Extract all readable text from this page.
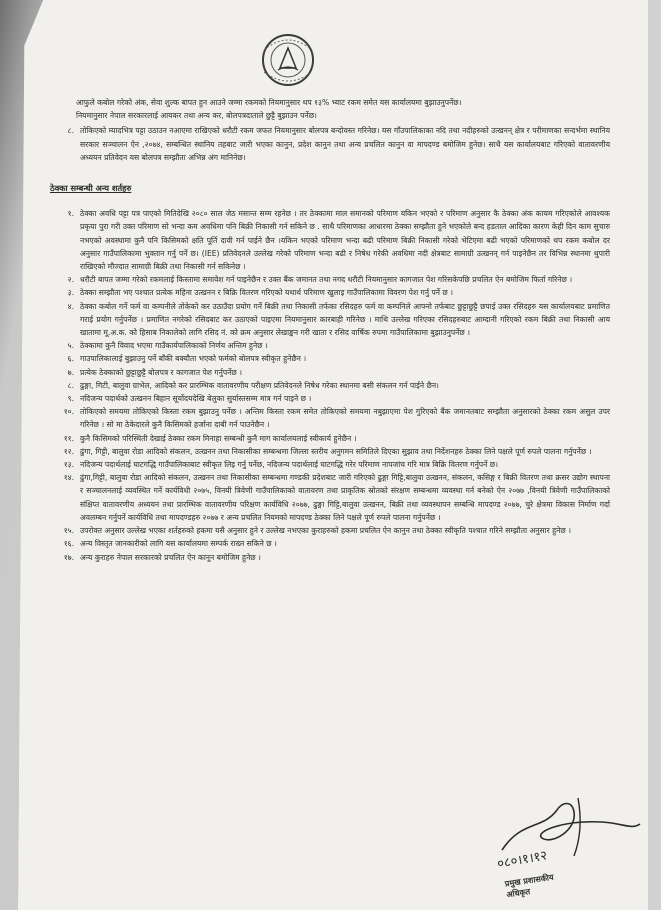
आफुले कबोल गरेको अंक, सेवा शुल्क बापत हुन आउने जम्मा रकमको नियमानुसार थप १३% भ्याट रकम समेत यस कार्यालयमा बुझाउनुपर्नेछ।

नियमानुसार नेपाल सरकारलाई आयकर तथा अन्य कर, बोलपत्रदाताले छुट्टै बुझाउन पर्नेछ।

८. तोकिएको म्यादभित्र पट्टा उठाउन नआएमा राखिएको धरौटी रकम जफत नियमानुसार बोलपत्र बन्दोवस्त गरिनेछ। यस गाँउपालिकाका नदि तथा नदीहरुको उत्खनन् क्षेत्र र परीमाणका सन्दर्भमा स्थानिय सरकार सञ्चालन ऐन ,२०७४, सम्बन्धित स्थानिय तहबाट जारी भएका कानुन, प्रदेश कानुन तथा अन्य प्रचलित कानुन वा मापदण्ड बमोजिम हुनेछ। साथै यस कार्यालयबाट गरिएको वातावरणीय अध्ययन प्रतिवेदन यस बोलपत्र सम्झौता अभिन्न अंग मानिनेछ।
ठेक्का सम्बन्धी अन्य शर्तहरु
१. ठेक्का अवधि पट्टा पत्र पाएको मितिदेखि २०८० साल जेठ मसान्त सम्म रहनेछ । तर ठेक्कामा माल समानको परिमाण यकिन भएको र परिमाण अनुसार कै ठेक्का अंक कायम गरिएकोले आवश्यक प्रकृया पुरा गरी उक्त परिमाण सो भन्दा कम अवधिमा पनि बिक्री निकासी गर्न सकिने छ . साथै परिमाणका आधारमा ठेक्का सम्झौता हुने भएकोले बन्द हडताल आदिका कारण केही दिन काम सुचारु नभएको अवस्थामा कुनै पनि किसिमको क्षति पूर्ति दावी गर्न पाईने छैन ।यकिन भएको परिमाण भन्दा बढी परिमाण बिक्री निकासी गरेको भेटिएमा बढी भएको परिमाणको थप रकम कबोल दर अनुसार गाउँपालिकामा भुक्तान गर्नु पर्ने छ। (IEE) प्रतिवेदनले उल्लेख गरेको परिमाण भन्दा बढी र निषेध गरेकी अवधिमा नदी क्षेत्रबाट सामाग्री उत्खनन् गर्न पाइनेछैन तर विभिन्न स्थानमा थुपारी राखिएको मौज्दात सामाग्री बिक्री तथा निकासी गर्न सकिनेछ ।
२. धरौटी बापत जम्मा गरेको रकमलाई किस्तामा समावेश गर्न पाइनेछैन र उक्त बैंक जमानत तथा नगद धरौटी नियमानुसार कागजात पेश गरिसकेपछि प्रचलित ऐन बमोजिम फिर्ता गरिनेछ ।
३. ठेक्का सम्झौता भए पश्चात प्रत्येक महिना उत्खनन र बिक्रि वितरण गरिएको यथार्थ परिमाण खुलाइ गाउँपालिकामा विवरण पेश गर्नु पर्ने छ ।
४. ठेक्का कबोल गर्ने फर्म वा कम्पनीले तोकेको कर उठाउँदा प्रयोग गर्ने बिक्री तथा निकासी तर्फका रसिदहरु फर्म वा कम्पनिले आफ्नो तर्फबाट छुट्टाछुट्टै छपाई उक्त रसिदहरु यस कार्यालयबाट प्रमाणित गराई प्रयोग गर्नुपर्नेछ । प्रमाणित नगरेको रसिदबाट कर उठाएको पाइएमा नियमानुसार कारबाही गरिनेछ । माथि उल्लेख गरिएका रसिदहरुबाट आम्दानी गरिएको रकम बिक्री तथा निकासी आय खातामा मू.अ.क. को हिसाब निकालेको लागि रसिद नं. को क्रम अनुसार लेखाङ्कन गरी खाता र रसिद वार्षिक रुपमा गाउँपालिकामा बुझाउनुपर्नेछ ।
५. ठेक्कामा कुनै विवाद भएमा गाउँकार्यपालिकाको निर्णय अन्तिम हुनेछ ।
६. गाउपालिकालाई बुझाउनु पर्ने बाँकी बक्यौता भएको फर्मको बोलपत्र स्वीकृत हुनेछैन ।
७. प्रत्येक ठेक्काको छुट्टाछुट्टै बोलपत्र र कागजात पेश गर्नुपर्नेछ ।
८. ढुङ्गा, गिटी, बालुवा ग्राभेल, आदिको कर प्रारम्भिक वातावरणीय परीक्षण प्रतिवेदनले निषेध गरेका स्थानमा बसी संकलन गर्न पाईने छैन।
९. नदिजन्य पदार्थको उत्खनन बिहान सूर्योदयदेखि बेलुका सुर्यास्तसम्म मात्र गर्न पाइने छ ।
१०. तोकिएको समयमा तोकिएको किस्ता रकम बुझाउनु पर्नेछ । अन्तिम किस्ता रकम समेत तोकिएको समयमा नबुझाएमा पेश गुरिएको बैंक जमानतबाट सम्झौता अनुसारको ठेक्का रकम असुल उपर गरिनेछ । सो मा ठेकेदारले कुनै किसिमको हर्जाना दाबी गर्न पाउनेछैन ।
११. कुनै किसिमको परिस्थिती देखाई ठेक्का रकम मिनाहा सम्बन्धी कुनै माग कार्यालयलाई स्वीकार्य हुनेछैन ।
१२. ढुंगा, गिट्टी, बालुवा रोडा आदिको संकलन, उत्खनन तथा निकासीका सम्बन्धमा जिल्ला स्तरीय अनुगमन समितिले दिएका सुझाव तथा निर्देशनहरु ठेक्का लिने पक्षले पूर्ण रुपले पालना गर्नुपर्नेछ ।
१३. नदिजन्य पदार्थलाई घाटगद्धि गाउँपालिकाबाट स्वीकृत लिइ गर्नु पर्नेछ, नदिजन्य पदार्थलाई घाटगद्धि गरेर परिमाण नापजांच गरि मात्र बिक्रि वितरण गर्नुपर्ने छ।
१४. ढुंगा,गिट्टी, बालुवा रोडा आदिको संकलन, उत्खनन तथा निकासीका सम्बन्धमा गण्डकी प्रदेशबाट जारी गरिएको ढुङ्गा गिट्टि,बालुवा उत्खनन, संकलन, कसिङ्ग र बिक्री वितरण तथा क्रसर उद्योग स्थापना र सञ्चालनलाई व्यवस्थित गर्ने कार्यविधी २०७५, विनयी त्रिवेणी गाउँपालिकाको वातावरण तथा प्राकृतिक स्रोतको संरक्षण सम्बन्धमा व्यवस्था गर्न बनेको ऐन २०७७ ,विनयी त्रिवेणी गाउँपालिकाको संक्षिप्त वातावरणीय अध्ययन तथा प्रारम्भिक वातावरणीय परिक्षण कार्यविधि २०७७, ढुङ्गा गिट्टि,बालुवा उत्खनन, बिक्री तथा व्यवस्थापन सम्बन्धि मापदण्ड २०७७, चुरे क्षेत्रमा विकास निर्माण गर्दा अवलम्बन गर्नुपर्ने कार्यविधि तथा मापदण्डहरु २०७७ र अन्य प्रचलित नियमको मापदण्ड ठेक्का लिने पक्षले पूर्ण रुपले पालना गर्नुपर्नेछ ।
१५. उपरोक्त अनुसार उल्लेख भएका शर्तहरुको हकमा यसै अनुसार हुने र उल्लेख नभएका कुराहरुको हकमा प्रचलित ऐन कानुन तथा ठेक्का स्वीकृति पश्चात गरिने सम्झौता अनुसार हुनेछ ।
१६. अन्य विस्तृत जानकारीको लागि यस कार्यालयमा सम्पर्क राख्न सकिने छ ।
१७. अन्य कुराहरु नेपाल सरकारको प्रचलित ऐन कानून बमोजिम हुनेछ ।
०८०।१।१२
प्रमुख प्रशासकीय
अधिकृत
